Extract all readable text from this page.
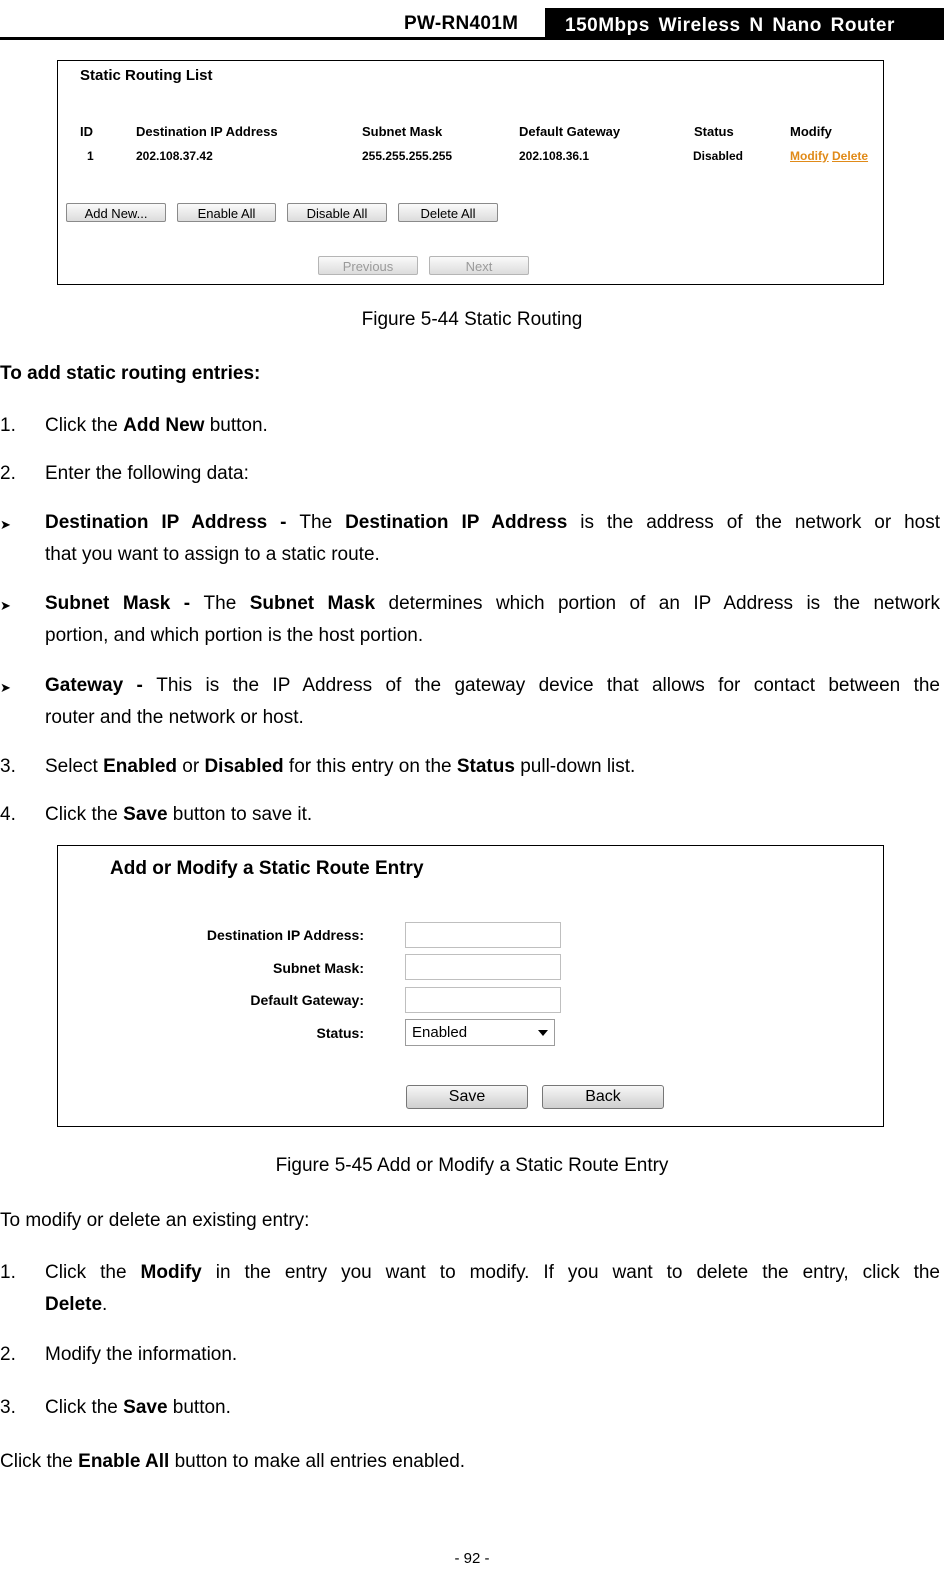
PW-RN401M	150Mbps Wireless N Nano Router
Static Routing List
ID	Destination IP Address	Subnet Mask	Default Gateway	Status	Modify
1	202.108.37.42	255.255.255.255	202.108.36.1	Disabled	Modify Delete
Add New...	Enable All	Disable All	Delete All
Previous	Next
Figure 5-44 Static Routing
To add static routing entries:
1. Click the Add New button.
2. Enter the following data:
➤ Destination IP Address - The Destination IP Address is the address of the network or host
that you want to assign to a static route.
➤ Subnet Mask - The Subnet Mask determines which portion of an IP Address is the network
portion, and which portion is the host portion.
➤ Gateway - This is the IP Address of the gateway device that allows for contact between the
router and the network or host.
3. Select Enabled or Disabled for this entry on the Status pull-down list.
4. Click the Save button to save it.
Add or Modify a Static Route Entry
Destination IP Address:
Subnet Mask:
Default Gateway:
Status:	Enabled
Save	Back
Figure 5-45 Add or Modify a Static Route Entry
To modify or delete an existing entry:
1. Click the Modify in the entry you want to modify. If you want to delete the entry, click the
Delete.
2. Modify the information.
3. Click the Save button.
Click the Enable All button to make all entries enabled.
- 92 -
